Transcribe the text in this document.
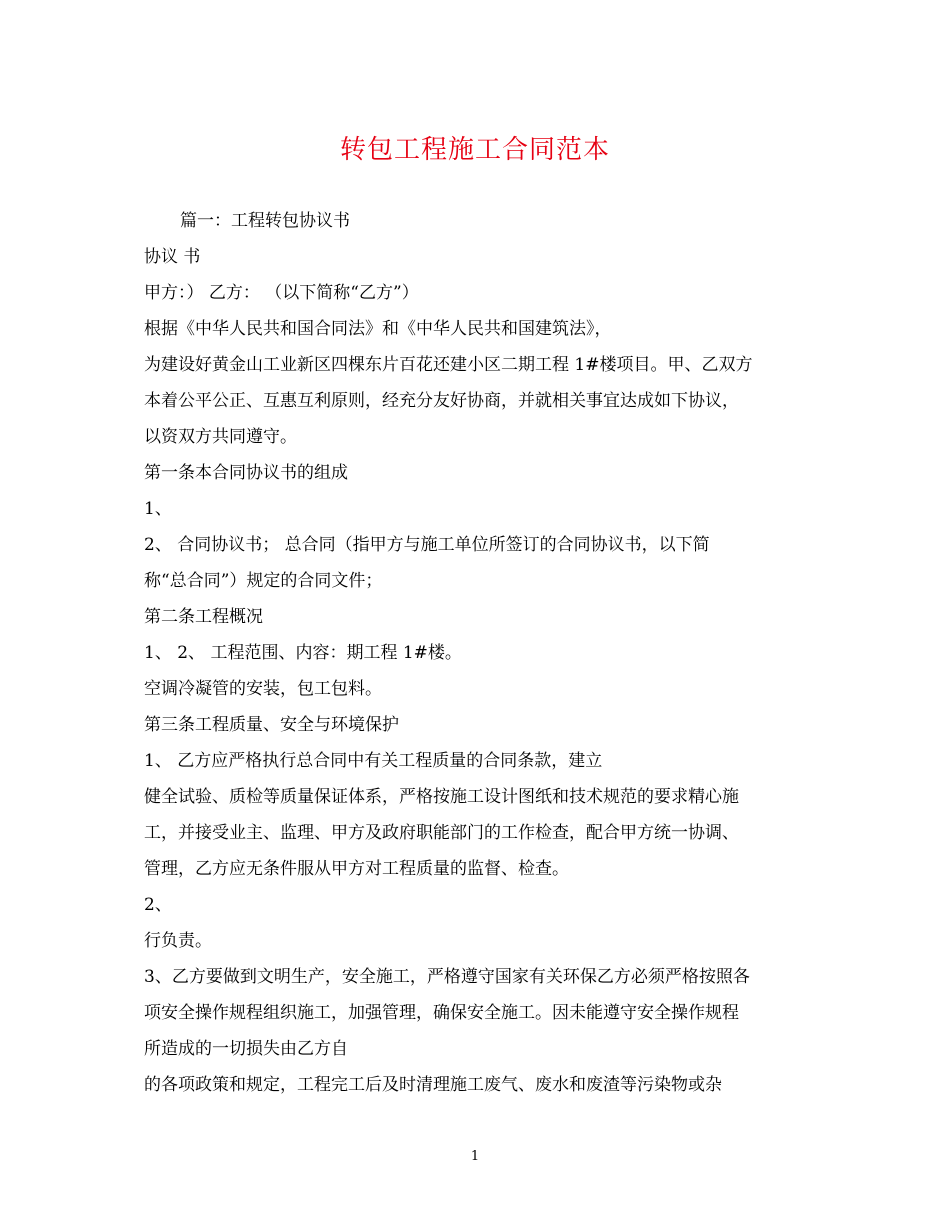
转包工程施工合同范本
篇一：工程转包协议书
协议 书
甲方：） 乙方： （以下简称“乙方”）
根据《中华人民共和国合同法》和《中华人民共和国建筑法》，
为建设好黄金山工业新区四棵东片百花还建小区二期工程 1#楼项目。甲、乙双方
本着公平公正、互惠互利原则，经充分友好协商，并就相关事宜达成如下协议，
以资双方共同遵守。
第一条本合同协议书的组成
1、
2、 合同协议书； 总合同（指甲方与施工单位所签订的合同协议书，以下简
称“总合同”）规定的合同文件；
第二条工程概况
1、 2、 工程范围、内容：期工程 1#楼。
空调冷凝管的安装，包工包料。
第三条工程质量、安全与环境保护
1、 乙方应严格执行总合同中有关工程质量的合同条款，建立
健全试验、质检等质量保证体系，严格按施工设计图纸和技术规范的要求精心施
工，并接受业主、监理、甲方及政府职能部门的工作检查，配合甲方统一协调、
管理，乙方应无条件服从甲方对工程质量的监督、检查。
2、
行负责。
3、乙方要做到文明生产，安全施工，严格遵守国家有关环保乙方必须严格按照各
项安全操作规程组织施工，加强管理，确保安全施工。因未能遵守安全操作规程
所造成的一切损失由乙方自
的各项政策和规定，工程完工后及时清理施工废气、废水和废渣等污染物或杂
1
